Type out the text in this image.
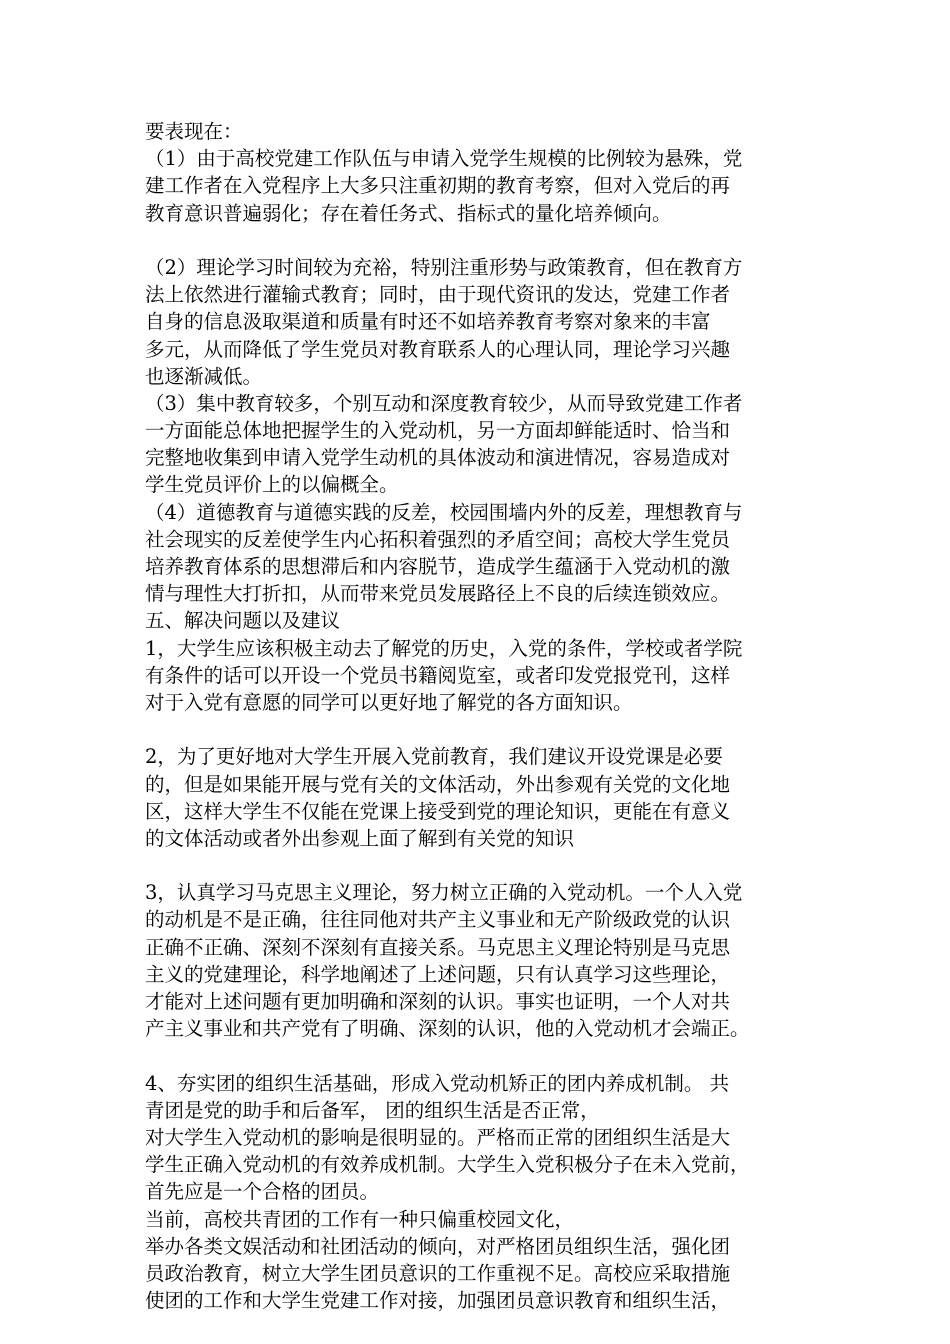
要表现在：
（1）由于高校党建工作队伍与申请入党学生规模的比例较为悬殊，党
建工作者在入党程序上大多只注重初期的教育考察，但对入党后的再
教育意识普遍弱化；存在着任务式、指标式的量化培养倾向。
（2）理论学习时间较为充裕，特别注重形势与政策教育，但在教育方
法上依然进行灌输式教育；同时，由于现代资讯的发达，党建工作者
自身的信息汲取渠道和质量有时还不如培养教育考察对象来的丰富
多元，从而降低了学生党员对教育联系人的心理认同，理论学习兴趣
也逐渐减低。
（3）集中教育较多，个别互动和深度教育较少，从而导致党建工作者
一方面能总体地把握学生的入党动机，另一方面却鲜能适时、恰当和
完整地收集到申请入党学生动机的具体波动和演进情况，容易造成对
学生党员评价上的以偏概全。
（4）道德教育与道德实践的反差，校园围墙内外的反差，理想教育与
社会现实的反差使学生内心拓积着强烈的矛盾空间；高校大学生党员
培养教育体系的思想滞后和内容脱节，造成学生蕴涵于入党动机的激
情与理性大打折扣，从而带来党员发展路径上不良的后续连锁效应。
五、解决问题以及建议
1，大学生应该积极主动去了解党的历史，入党的条件，学校或者学院
有条件的话可以开设一个党员书籍阅览室，或者印发党报党刊，这样
对于入党有意愿的同学可以更好地了解党的各方面知识。
2，为了更好地对大学生开展入党前教育，我们建议开设党课是必要
的，但是如果能开展与党有关的文体活动，外出参观有关党的文化地
区，这样大学生不仅能在党课上接受到党的理论知识，更能在有意义
的文体活动或者外出参观上面了解到有关党的知识
3，认真学习马克思主义理论，努力树立正确的入党动机。一个人入党
的动机是不是正确，往往同他对共产主义事业和无产阶级政党的认识
正确不正确、深刻不深刻有直接关系。马克思主义理论特别是马克思
主义的党建理论，科学地阐述了上述问题，只有认真学习这些理论，
才能对上述问题有更加明确和深刻的认识。事实也证明，一个人对共
产主义事业和共产党有了明确、深刻的认识，他的入党动机才会端正。
4、夯实团的组织生活基础，形成入党动机矫正的团内养成机制。 共
青团是党的助手和后备军， 团的组织生活是否正常，
对大学生入党动机的影响是很明显的。严格而正常的团组织生活是大
学生正确入党动机的有效养成机制。大学生入党积极分子在未入党前，
首先应是一个合格的团员。
当前，高校共青团的工作有一种只偏重校园文化，
举办各类文娱活动和社团活动的倾向，对严格团员组织生活，强化团
员政治教育，树立大学生团员意识的工作重视不足。高校应采取措施
使团的工作和大学生党建工作对接，加强团员意识教育和组织生活，
